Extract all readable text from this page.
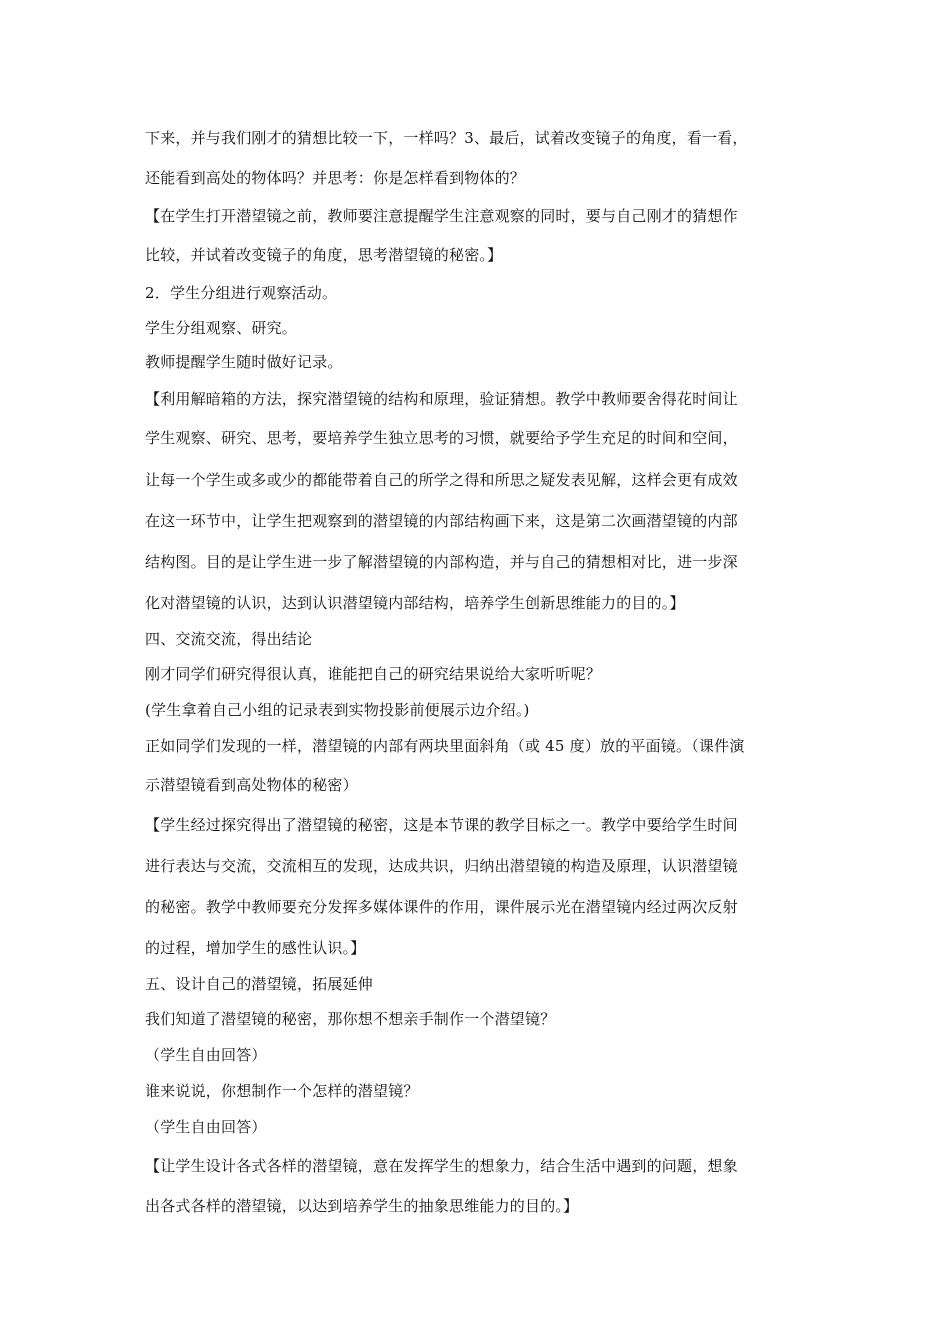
下来，并与我们刚才的猜想比较一下，一样吗？3、最后，试着改变镜子的角度，看一看，
还能看到高处的物体吗？并思考：你是怎样看到物体的？
【在学生打开潜望镜之前，教师要注意提醒学生注意观察的同时，要与自己刚才的猜想作
比较，并试着改变镜子的角度，思考潜望镜的秘密。】
2．学生分组进行观察活动。
学生分组观察、研究。
教师提醒学生随时做好记录。
【利用解暗箱的方法，探究潜望镜的结构和原理，验证猜想。教学中教师要舍得花时间让
学生观察、研究、思考，要培养学生独立思考的习惯，就要给予学生充足的时间和空间，
让每一个学生或多或少的都能带着自己的所学之得和所思之疑发表见解，这样会更有成效
在这一环节中，让学生把观察到的潜望镜的内部结构画下来，这是第二次画潜望镜的内部
结构图。目的是让学生进一步了解潜望镜的内部构造，并与自己的猜想相对比，进一步深
化对潜望镜的认识，达到认识潜望镜内部结构，培养学生创新思维能力的目的。】
四、交流交流，得出结论
刚才同学们研究得很认真，谁能把自己的研究结果说给大家听听呢？
(学生拿着自己小组的记录表到实物投影前便展示边介绍。)
正如同学们发现的一样，潜望镜的内部有两块里面斜角（或 45 度）放的平面镜。（课件演
示潜望镜看到高处物体的秘密）
【学生经过探究得出了潜望镜的秘密，这是本节课的教学目标之一。教学中要给学生时间
进行表达与交流，交流相互的发现，达成共识，归纳出潜望镜的构造及原理，认识潜望镜
的秘密。教学中教师要充分发挥多媒体课件的作用，课件展示光在潜望镜内经过两次反射
的过程，增加学生的感性认识。】
五、设计自己的潜望镜，拓展延伸
我们知道了潜望镜的秘密，那你想不想亲手制作一个潜望镜？
（学生自由回答）
谁来说说，你想制作一个怎样的潜望镜？
（学生自由回答）
【让学生设计各式各样的潜望镜，意在发挥学生的想象力，结合生活中遇到的问题，想象
出各式各样的潜望镜，以达到培养学生的抽象思维能力的目的。】
